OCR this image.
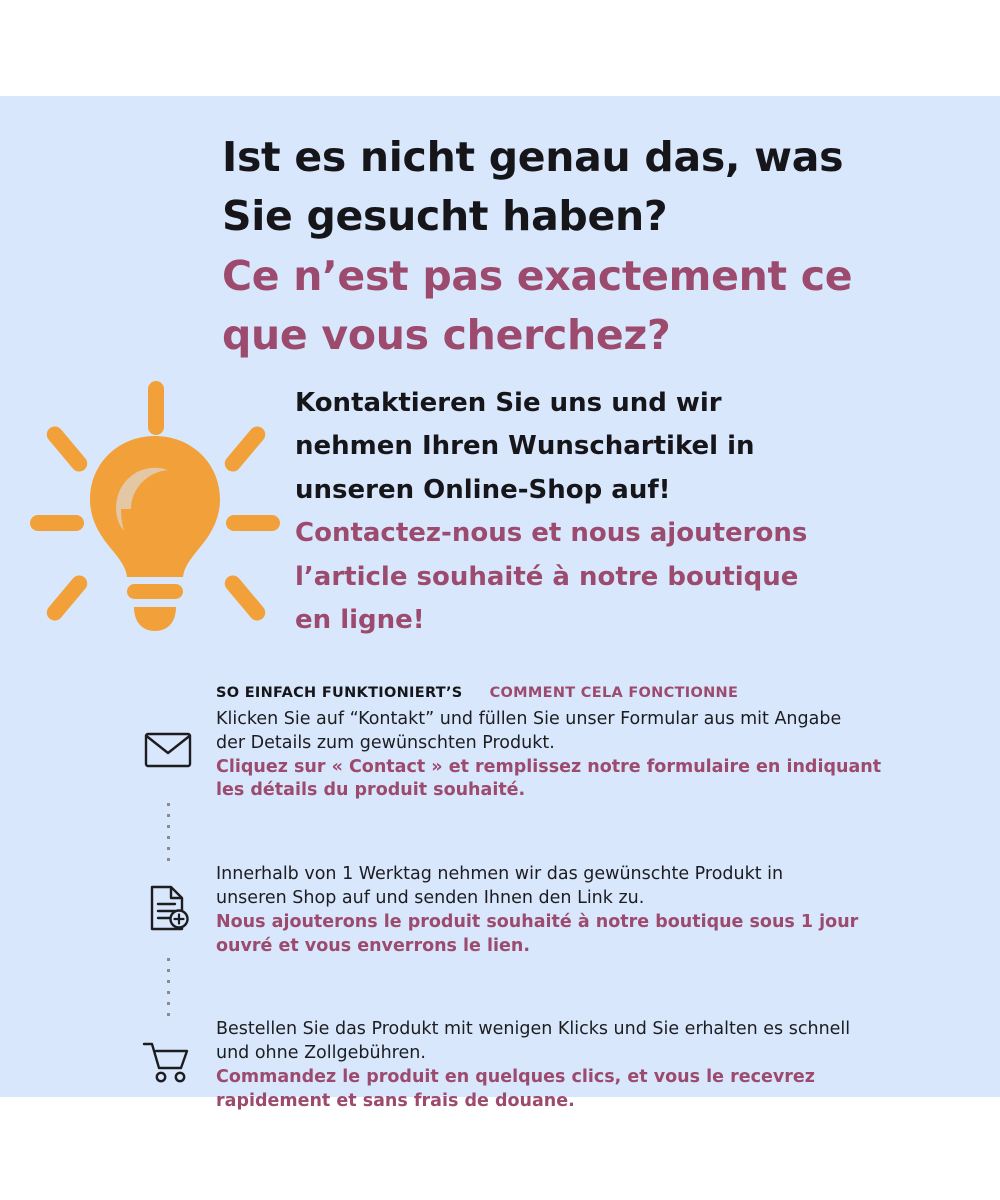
Ist es nicht genau das, was
Sie gesucht haben?
Ce n’est pas exactement ce
que vous cherchez?

Kontaktieren Sie uns und wir
nehmen Ihren Wunschartikel in
unseren Online-Shop auf!

Contactez-nous et nous ajouterons
l’article souhaité à notre boutique
en ligne!

SO EINFACH FUNKTIONIERT’S COMMENT CELA FONCTIONNE

Klicken Sie auf “Kontakt” und füllen Sie unser Formular aus mit Angabe
der Details zum gewünschten Produkt.

Cliquez sur « Contact » et remplissez notre formulaire en indiquant
les détails du produit souhaité.

Innerhalb von 1 Werktag nehmen wir das gewünschte Produkt in
unseren Shop auf und senden Ihnen den Link zu.

Nous ajouterons le produit souhaité à notre boutique sous 1 jour
ouvré et vous enverrons le lien.

Bestellen Sie das Produkt mit wenigen Klicks und Sie erhalten es schnell
und ohne Zollgebühren.

Commandez le produit en quelques clics, et vous le recevrez
rapidement et sans frais de douane.
